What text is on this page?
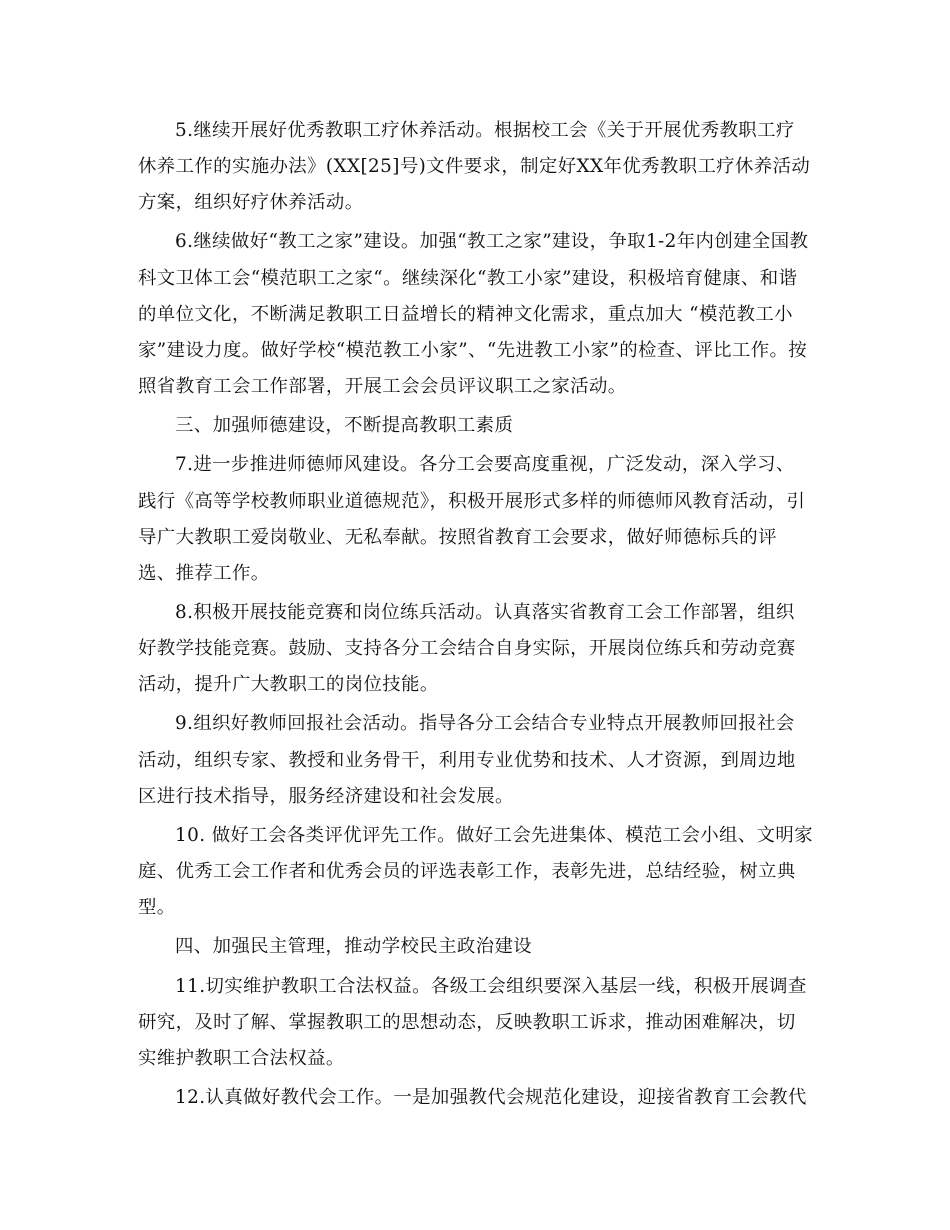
5.继续开展好优秀教职工疗休养活动。根据校工会《关于开展优秀教职工疗休养工作的实施办法》(XX[25]号)文件要求，制定好XX年优秀教职工疗休养活动方案，组织好疗休养活动。

6.继续做好“教工之家”建设。加强“教工之家”建设，争取1-2年内创建全国教科文卫体工会“模范职工之家“。继续深化“教工小家”建设，积极培育健康、和谐的单位文化，不断满足教职工日益增长的精神文化需求，重点加大 “模范教工小家”建设力度。做好学校“模范教工小家”、“先进教工小家”的检查、评比工作。按照省教育工会工作部署，开展工会会员评议职工之家活动。

三、加强师德建设，不断提高教职工素质

7.进一步推进师德师风建设。各分工会要高度重视，广泛发动，深入学习、践行《高等学校教师职业道德规范》，积极开展形式多样的师德师风教育活动，引导广大教职工爱岗敬业、无私奉献。按照省教育工会要求，做好师德标兵的评选、推荐工作。

8.积极开展技能竞赛和岗位练兵活动。认真落实省教育工会工作部署，组织好教学技能竞赛。鼓励、支持各分工会结合自身实际，开展岗位练兵和劳动竞赛活动，提升广大教职工的岗位技能。

9.组织好教师回报社会活动。指导各分工会结合专业特点开展教师回报社会活动，组织专家、教授和业务骨干，利用专业优势和技术、人才资源，到周边地区进行技术指导，服务经济建设和社会发展。

10. 做好工会各类评优评先工作。做好工会先进集体、模范工会小组、文明家庭、优秀工会工作者和优秀会员的评选表彰工作，表彰先进，总结经验，树立典型。

四、加强民主管理，推动学校民主政治建设

11.切实维护教职工合法权益。各级工会组织要深入基层一线，积极开展调查研究，及时了解、掌握教职工的思想动态，反映教职工诉求，推动困难解决，切实维护教职工合法权益。

12.认真做好教代会工作。一是加强教代会规范化建设，迎接省教育工会教代
